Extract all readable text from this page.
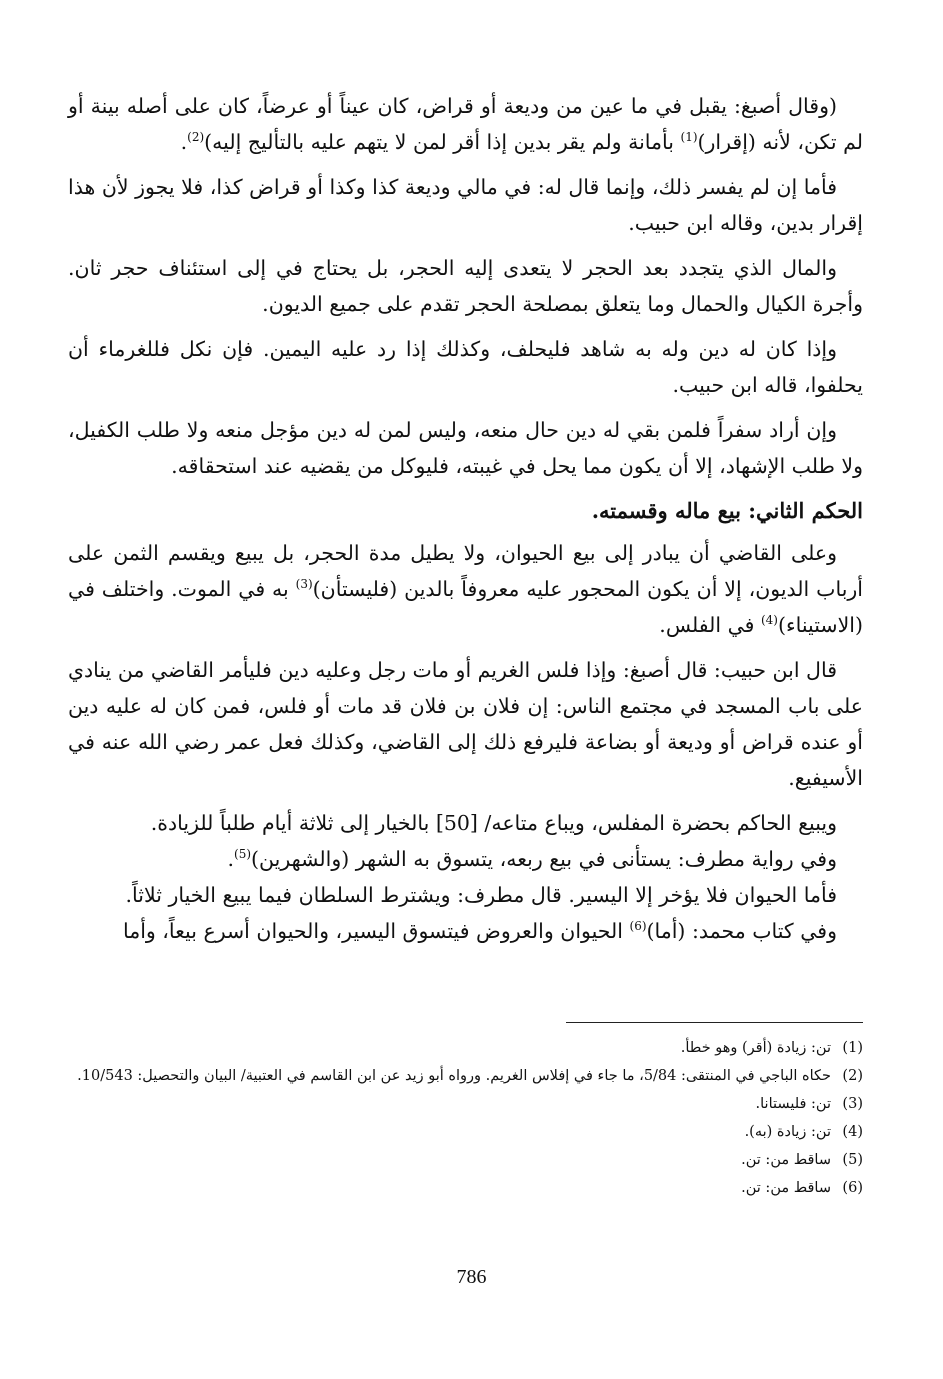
(وقال أصبغ: يقبل في ما عين من وديعة أو قراض، كان عيناً أو عرضاً، كان على أصله بينة أو لم تكن، لأنه (إقرار)$^{(1)}$ بأمانة ولم يقر بدين إذا أقر لمن لا يتهم عليه بالتأليج إليه)$^{(2)}$.

فأما إن لم يفسر ذلك، وإنما قال له: في مالي وديعة كذا وكذا أو قراض كذا، فلا يجوز لأن هذا إقرار بدين، وقاله ابن حبيب.

والمال الذي يتجدد بعد الحجر لا يتعدى إليه الحجر، بل يحتاج في إلى استئناف حجر ثان. وأجرة الكيال والحمال وما يتعلق بمصلحة الحجر تقدم على جميع الديون.

وإذا كان له دين وله به شاهد فليحلف، وكذلك إذا رد عليه اليمين. فإن نكل فللغرماء أن يحلفوا، قاله ابن حبيب.

وإن أراد سفراً فلمن بقي له دين حال منعه، وليس لمن له دين مؤجل منعه ولا طلب الكفيل، ولا طلب الإشهاد، إلا أن يكون مما يحل في غيبته، فليوكل من يقضيه عند استحقاقه.

الحكم الثاني: بيع ماله وقسمته.

وعلى القاضي أن يبادر إلى بيع الحيوان، ولا يطيل مدة الحجر، بل يبيع ويقسم الثمن على أرباب الديون، إلا أن يكون المحجور عليه معروفاً بالدين (فليستأن)$^{(3)}$ به في الموت. واختلف في (الاستيناء)$^{(4)}$ في الفلس.

قال ابن حبيب: قال أصبغ: وإذا فلس الغريم أو مات رجل وعليه دين فليأمر القاضي من ينادي على باب المسجد في مجتمع الناس: إن فلان بن فلان قد مات أو فلس، فمن كان له عليه دين أو عنده قراض أو وديعة أو بضاعة فليرفع ذلك إلى القاضي، وكذلك فعل عمر رضي الله عنه في الأسيفيع.

ويبيع الحاكم بحضرة المفلس، ويباع متاعه/ [50] بالخيار إلى ثلاثة أيام طلباً للزيادة.

وفي رواية مطرف: يستأنى في بيع ربعه، يتسوق به الشهر (والشهرين)$^{(5)}$.

فأما الحيوان فلا يؤخر إلا اليسير. قال مطرف: ويشترط السلطان فيما يبيع الخيار ثلاثاً.

وفي كتاب محمد: (أما)$^{(6)}$ الحيوان والعروض فيتسوق اليسير، والحيوان أسرع بيعاً، وأما

(1)
تن: زيادة (أقر) وهو خطأ.
(2)
حكاه الباجي في المنتقى: 5/84، ما جاء في إفلاس الغريم. ورواه أبو زيد عن ابن القاسم في العتبية/ البيان والتحصيل: 10/543.
(3)
تن: فليستانا.
(4)
تن: زيادة (به).
(5)
ساقط من: تن.
(6)
ساقط من: تن.
786
